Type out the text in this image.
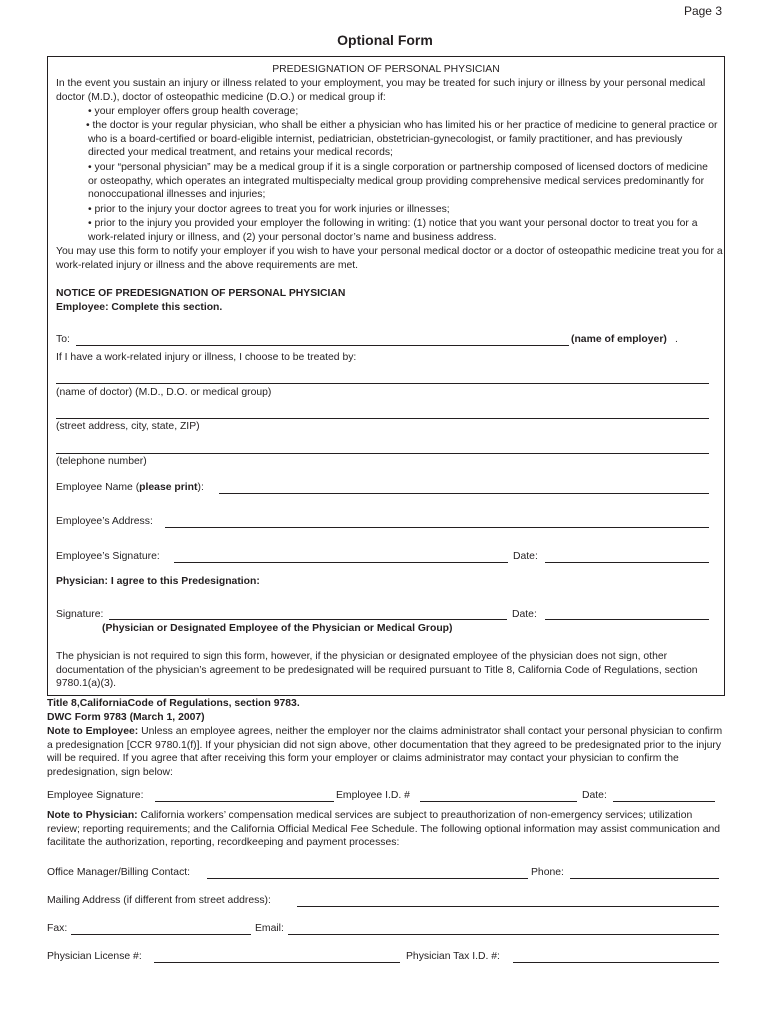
Page 3
Optional Form
PREDESIGNATION OF PERSONAL PHYSICIAN
In the event you sustain an injury or illness related to your employment, you may be treated for such injury or illness by your personal medical doctor (M.D.), doctor of osteopathic medicine (D.O.) or medical group if:
• your employer offers group health coverage;
• the doctor is your regular physician, who shall be either a physician who has limited his or her practice of medicine to general practice or who is a board-certified or board-eligible internist, pediatrician, obstetrician-gynecologist, or family practitioner, and has previously directed your medical treatment, and retains your medical records;
• your “personal physician” may be a medical group if it is a single corporation or partnership composed of licensed doctors of medicine or osteopathy, which operates an integrated multispecialty medical group providing comprehensive medical services predominantly for nonoccupational illnesses and injuries;
• prior to the injury your doctor agrees to treat you for work injuries or illnesses;
• prior to the injury you provided your employer the following in writing: (1) notice that you want your personal doctor to treat you for a work-related injury or illness, and (2) your personal doctor’s name and business address.
You may use this form to notify your employer if you wish to have your personal medical doctor or a doctor of osteopathic medicine treat you for a work-related injury or illness and the above requirements are met.
NOTICE OF PREDESIGNATION OF PERSONAL PHYSICIAN
Employee: Complete this section.
To:	(name of employer) .
If I have a work-related injury or illness, I choose to be treated by:
(name of doctor) (M.D., D.O. or medical group)
(street address, city, state, ZIP)
(telephone number)
Employee Name (please print):
Employee’s Address:
Employee’s Signature:	Date:
Physician: I agree to this Predesignation:
Signature:	Date:
(Physician or Designated Employee of the Physician or Medical Group)
The physician is not required to sign this form, however, if the physician or designated employee of the physician does not sign, other documentation of the physician’s agreement to be predesignated will be required pursuant to Title 8, California Code of Regulations, section 9780.1(a)(3).
Title 8,CaliforniaCode of Regulations, section 9783.
DWC Form 9783 (March 1, 2007)
Note to Employee: Unless an employee agrees, neither the employer nor the claims administrator shall contact your personal physician to confirm a predesignation [CCR 9780.1(f)]. If your physician did not sign above, other documentation that they agreed to be predesignated prior to the injury will be required. If you agree that after receiving this form your employer or claims administrator may contact your physician to confirm the predesignation, sign below:
Employee Signature:	Employee I.D. #	Date:
Note to Physician: California workers’ compensation medical services are subject to preauthorization of non-emergency services; utilization review; reporting requirements; and the California Official Medical Fee Schedule. The following optional information may assist communication and facilitate the authorization, reporting, recordkeeping and payment processes:
Office Manager/Billing Contact:	Phone:
Mailing Address (if different from street address):
Fax:	Email:
Physician License #:	Physician Tax I.D. #:
